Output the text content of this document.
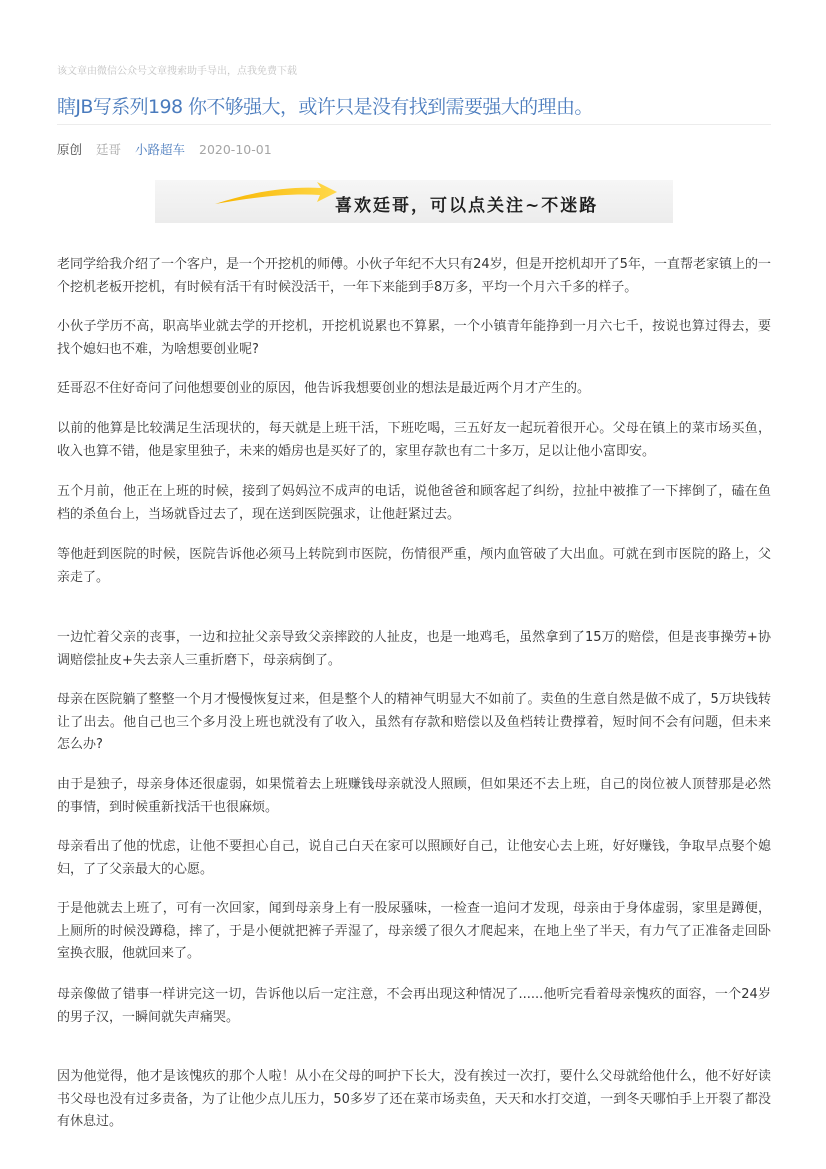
该文章由微信公众号文章搜索助手导出，点我免费下载
瞎JB写系列198 你不够强大，或许只是没有找到需要强大的理由。
原创 廷哥 小路超车 2020-10-01
喜欢廷哥，可以点关注~不迷路

老同学给我介绍了一个客户，是一个开挖机的师傅。小伙子年纪不大只有24岁，但是开挖机却开了5年，一直帮老家镇上的一个挖机老板开挖机，有时候有活干有时候没活干，一年下来能到手8万多，平均一个月六千多的样子。

小伙子学历不高，职高毕业就去学的开挖机，开挖机说累也不算累，一个小镇青年能挣到一月六七千，按说也算过得去，要找个媳妇也不难，为啥想要创业呢?

廷哥忍不住好奇问了问他想要创业的原因，他告诉我想要创业的想法是最近两个月才产生的。

以前的他算是比较满足生活现状的，每天就是上班干活，下班吃喝，三五好友一起玩着很开心。父母在镇上的菜市场买鱼，收入也算不错，他是家里独子，未来的婚房也是买好了的，家里存款也有二十多万，足以让他小富即安。

五个月前，他正在上班的时候，接到了妈妈泣不成声的电话，说他爸爸和顾客起了纠纷，拉扯中被推了一下摔倒了，磕在鱼档的杀鱼台上，当场就昏过去了，现在送到医院强求，让他赶紧过去。

等他赶到医院的时候，医院告诉他必须马上转院到市医院，伤情很严重，颅内血管破了大出血。可就在到市医院的路上，父亲走了。

一边忙着父亲的丧事，一边和拉扯父亲导致父亲摔跤的人扯皮，也是一地鸡毛，虽然拿到了15万的赔偿，但是丧事操劳+协调赔偿扯皮+失去亲人三重折磨下，母亲病倒了。

母亲在医院躺了整整一个月才慢慢恢复过来，但是整个人的精神气明显大不如前了。卖鱼的生意自然是做不成了，5万块钱转让了出去。他自己也三个多月没上班也就没有了收入，虽然有存款和赔偿以及鱼档转让费撑着，短时间不会有问题，但未来怎么办?

由于是独子，母亲身体还很虚弱，如果慌着去上班赚钱母亲就没人照顾，但如果还不去上班，自己的岗位被人顶替那是必然的事情，到时候重新找活干也很麻烦。

母亲看出了他的忧虑，让他不要担心自己，说自己白天在家可以照顾好自己，让他安心去上班，好好赚钱，争取早点娶个媳妇，了了父亲最大的心愿。

于是他就去上班了，可有一次回家，闻到母亲身上有一股尿骚味，一检查一追问才发现，母亲由于身体虚弱，家里是蹲便，上厕所的时候没蹲稳，摔了，于是小便就把裤子弄湿了，母亲缓了很久才爬起来，在地上坐了半天，有力气了正准备走回卧室换衣服，他就回来了。

母亲像做了错事一样讲完这一切，告诉他以后一定注意，不会再出现这种情况了......他听完看着母亲愧疚的面容，一个24岁的男子汉，一瞬间就失声痛哭。

因为他觉得，他才是该愧疚的那个人啦！从小在父母的呵护下长大，没有挨过一次打，要什么父母就给他什么，他不好好读书父母也没有过多责备，为了让他少点儿压力，50多岁了还在菜市场卖鱼，天天和水打交道，一到冬天哪怕手上开裂了都没有休息过。
